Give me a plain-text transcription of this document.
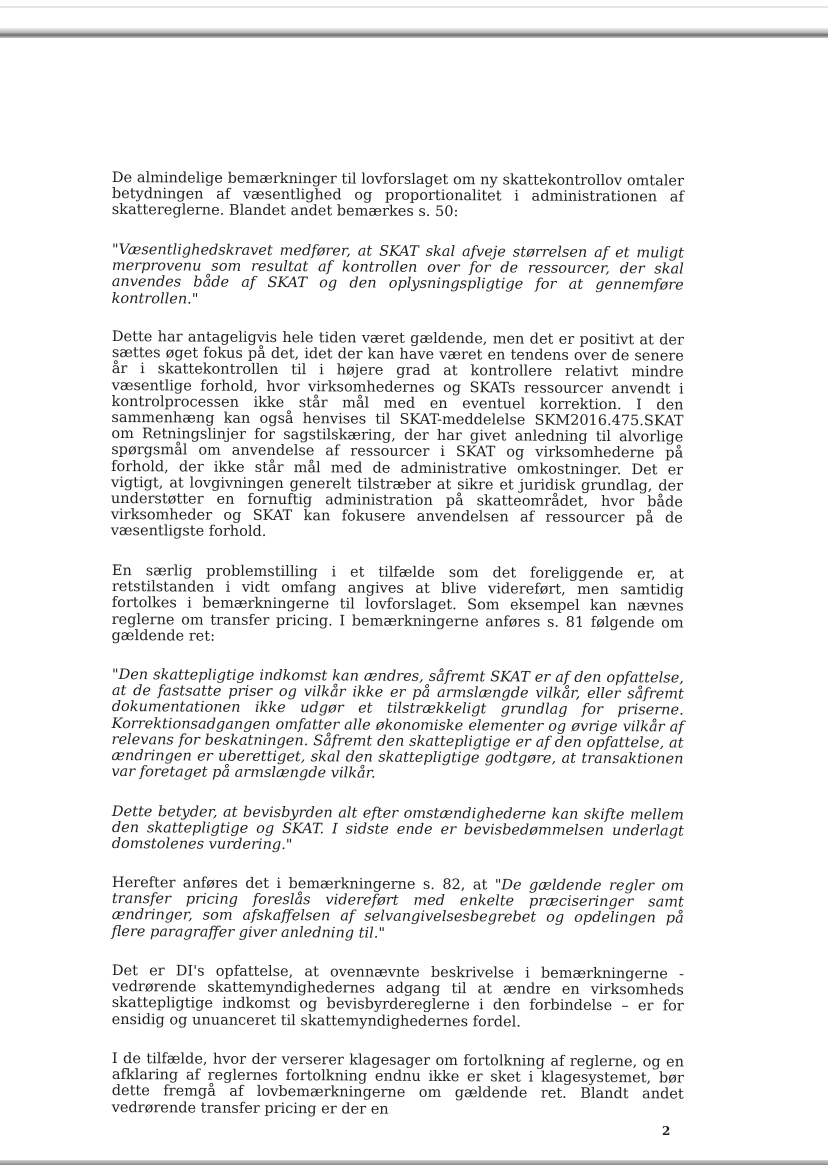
De almindelige bemærkninger til lovforslaget om ny skattekontrollov omtaler betydningen af væsentlighed og proportionalitet i administrationen af skattereglerne. Blandet andet bemærkes s. 50:

"Væsentlighedskravet medfører, at SKAT skal afveje størrelsen af et muligt merprovenu som resultat af kontrollen over for de ressourcer, der skal anvendes både af SKAT og den oplysningspligtige for at gennemføre kontrollen."

Dette har antageligvis hele tiden været gældende, men det er positivt at der sættes øget fokus på det, idet der kan have været en tendens over de senere år i skattekontrollen til i højere grad at kontrollere relativt mindre væsentlige forhold, hvor virksomhedernes og SKATs ressourcer anvendt i kontrolprocessen ikke står mål med en eventuel korrektion. I den sammenhæng kan også henvises til SKAT-meddelelse SKM2016.475.SKAT om Retningslinjer for sagstilskæring, der har givet anledning til alvorlige spørgsmål om anvendelse af ressourcer i SKAT og virksomhederne på forhold, der ikke står mål med de administrative omkostninger. Det er vigtigt, at lovgivningen generelt tilstræber at sikre et juridisk grundlag, der understøtter en fornuftig administration på skatteområdet, hvor både virksomheder og SKAT kan fokusere anvendelsen af ressourcer på de væsentligste forhold.

En særlig problemstilling i et tilfælde som det foreliggende er, at retstilstanden i vidt omfang angives at blive videreført, men samtidig fortolkes i bemærkningerne til lovforslaget. Som eksempel kan nævnes reglerne om transfer pricing. I bemærkningerne anføres s. 81 følgende om gældende ret:

"Den skattepligtige indkomst kan ændres, såfremt SKAT er af den opfattelse, at de fastsatte priser og vilkår ikke er på armslængde vilkår, eller såfremt dokumentationen ikke udgør et tilstrækkeligt grundlag for priserne. Korrektionsadgangen omfatter alle økonomiske elementer og øvrige vilkår af relevans for beskatningen. Såfremt den skattepligtige er af den opfattelse, at ændringen er uberettiget, skal den skattepligtige godtgøre, at transaktionen var foretaget på armslængde vilkår.

Dette betyder, at bevisbyrden alt efter omstændighederne kan skifte mellem den skattepligtige og SKAT. I sidste ende er bevisbedømmelsen underlagt domstolenes vurdering."

Herefter anføres det i bemærkningerne s. 82, at "De gældende regler om transfer pricing foreslås videreført med enkelte præciseringer samt ændringer, som afskaffelsen af selvangivelsesbegrebet og opdelingen på flere paragraffer giver anledning til."

Det er DI's opfattelse, at ovennævnte beskrivelse i bemærkningerne - vedrørende skattemyndighedernes adgang til at ændre en virksomheds skattepligtige indkomst og bevisbyrdereglerne i den forbindelse – er for ensidig og unuanceret til skattemyndighedernes fordel.

I de tilfælde, hvor der verserer klagesager om fortolkning af reglerne, og en afklaring af reglernes fortolkning endnu ikke er sket i klagesystemet, bør dette fremgå af lovbemærkningerne om gældende ret. Blandt andet vedrørende transfer pricing er der en

2
